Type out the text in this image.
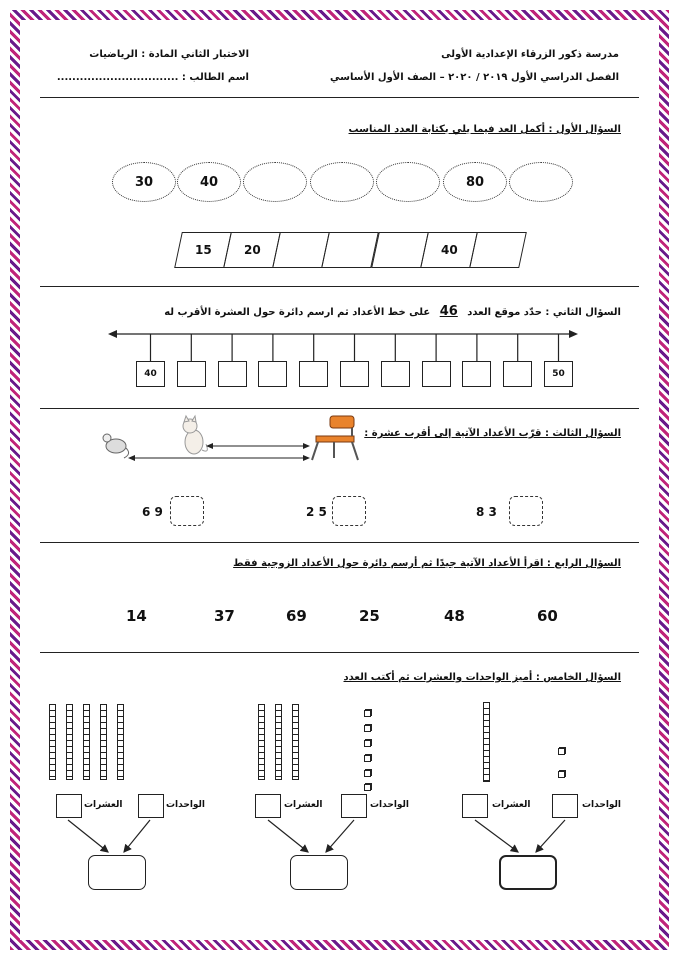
مدرسة ذكور الزرقاء الإعدادية الأولى
الفصل الدراسي الأول ٢٠١٩ / ٢٠٢٠ – الصف الأول الأساسي
الاختبار الثاني المادة : الرياضيات
اسم الطالب : ................................
السؤال الأول : أكمل العد فيما يلي بكتابة العدد المناسب
30	40	80
15	20	40
السؤال الثاني : حدّد موقع العدد 46 على خط الأعداد ثم ارسم دائرة حول العشرة الأقرب له
40	50
السؤال الثالث : قرّب الأعداد الآتية إلى أقرب عشرة :
6 9	2 5	8 3
السؤال الرابع : اقرأ الأعداد الآتية جيدًا ثم أرسم دائرة حول الأعداد الزوجية فقط
14	37	69	25	48	60
السؤال الخامس : أميز الواحدات والعشرات ثم أكتب العدد
العشرات	الواحدات	العشرات	الواحدات	العشرات	الواحدات
